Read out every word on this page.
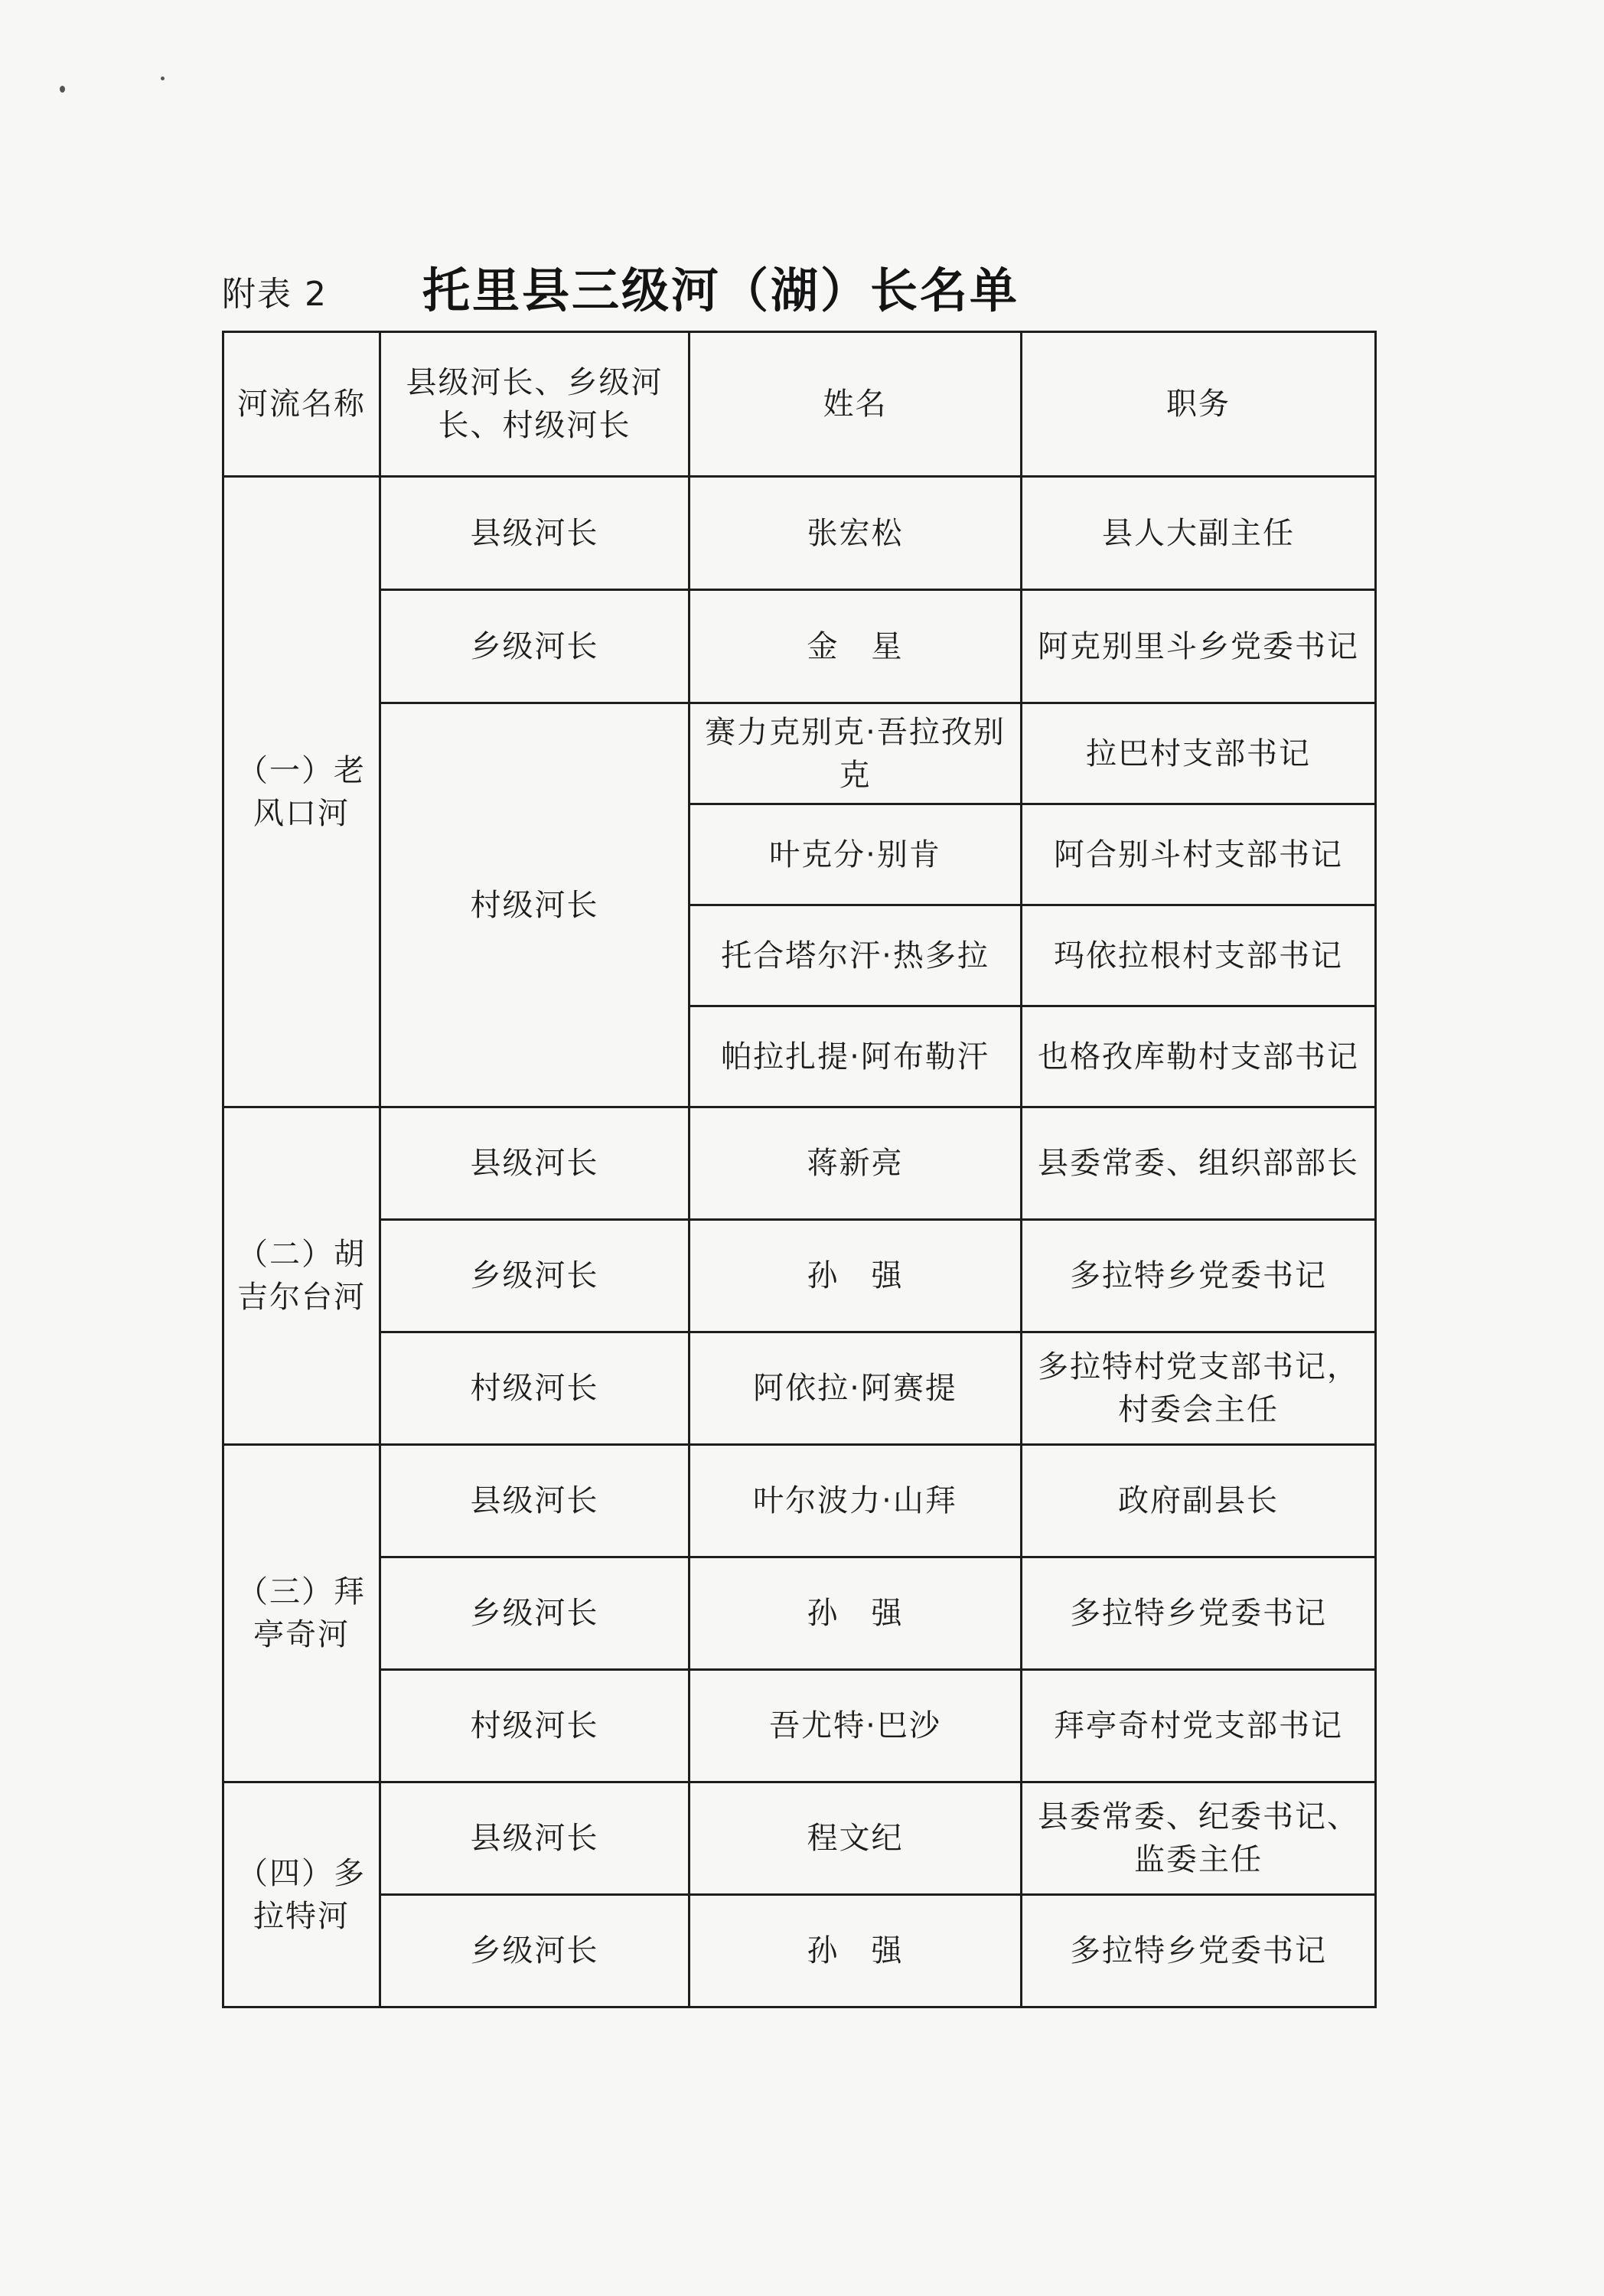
附表 2 托里县三级河（湖）长名单
河流名称	县级河长、乡级河长、村级河长	姓名	职务
（一）老风口河	县级河长	张宏松	县人大副主任
	乡级河长	金　星	阿克别里斗乡党委书记
	村级河长	赛力克别克·吾拉孜别克	拉巴村支部书记
		叶克分·别肯	阿合别斗村支部书记
		托合塔尔汗·热多拉	玛依拉根村支部书记
		帕拉扎提·阿布勒汗	也格孜库勒村支部书记
（二）胡吉尔台河	县级河长	蒋新亮	县委常委、组织部部长
	乡级河长	孙　强	多拉特乡党委书记
	村级河长	阿依拉·阿赛提	多拉特村党支部书记，村委会主任
（三）拜亭奇河	县级河长	叶尔波力·山拜	政府副县长
	乡级河长	孙　强	多拉特乡党委书记
	村级河长	吾尤特·巴沙	拜亭奇村党支部书记
（四）多拉特河	县级河长	程文纪	县委常委、纪委书记、监委主任
	乡级河长	孙　强	多拉特乡党委书记
